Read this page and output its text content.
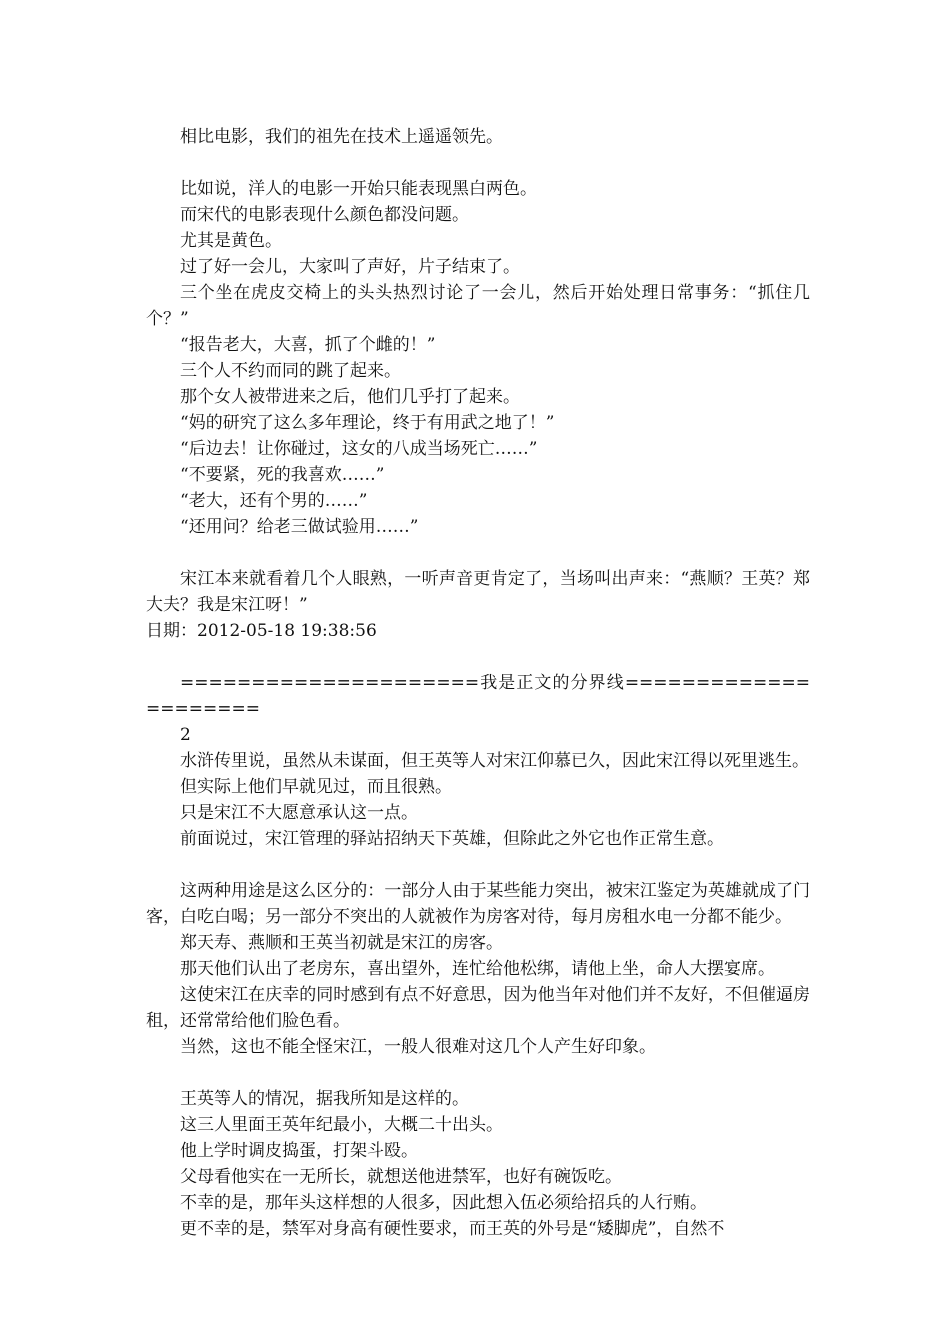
相比电影，我们的祖先在技术上遥遥领先。

比如说，洋人的电影一开始只能表现黑白两色。

而宋代的电影表现什么颜色都没问题。

尤其是黄色。

过了好一会儿，大家叫了声好，片子结束了。

三个坐在虎皮交椅上的头头热烈讨论了一会儿，然后开始处理日常事务：“抓住几个？”

“报告老大，大喜，抓了个雌的！”

三个人不约而同的跳了起来。

那个女人被带进来之后，他们几乎打了起来。

“妈的研究了这么多年理论，终于有用武之地了！”

“后边去！让你碰过，这女的八成当场死亡……”

“不要紧，死的我喜欢……”

“老大，还有个男的……”

“还用问？给老三做试验用……”

宋江本来就看着几个人眼熟，一听声音更肯定了，当场叫出声来：“燕顺？王英？郑大夫？我是宋江呀！”

日期：2012-05-18 19:38:56

=====================我是正文的分界线=====================

2

水浒传里说，虽然从未谋面，但王英等人对宋江仰慕已久，因此宋江得以死里逃生。

但实际上他们早就见过，而且很熟。

只是宋江不大愿意承认这一点。

前面说过，宋江管理的驿站招纳天下英雄，但除此之外它也作正常生意。

这两种用途是这么区分的：一部分人由于某些能力突出，被宋江鉴定为英雄就成了门客，白吃白喝；另一部分不突出的人就被作为房客对待，每月房租水电一分都不能少。

郑天寿、燕顺和王英当初就是宋江的房客。

那天他们认出了老房东，喜出望外，连忙给他松绑，请他上坐，命人大摆宴席。

这使宋江在庆幸的同时感到有点不好意思，因为他当年对他们并不友好，不但催逼房租，还常常给他们脸色看。

当然，这也不能全怪宋江，一般人很难对这几个人产生好印象。

王英等人的情况，据我所知是这样的。

这三人里面王英年纪最小，大概二十出头。

他上学时调皮捣蛋，打架斗殴。

父母看他实在一无所长，就想送他进禁军，也好有碗饭吃。

不幸的是，那年头这样想的人很多，因此想入伍必须给招兵的人行贿。

更不幸的是，禁军对身高有硬性要求，而王英的外号是“矮脚虎”，自然不
